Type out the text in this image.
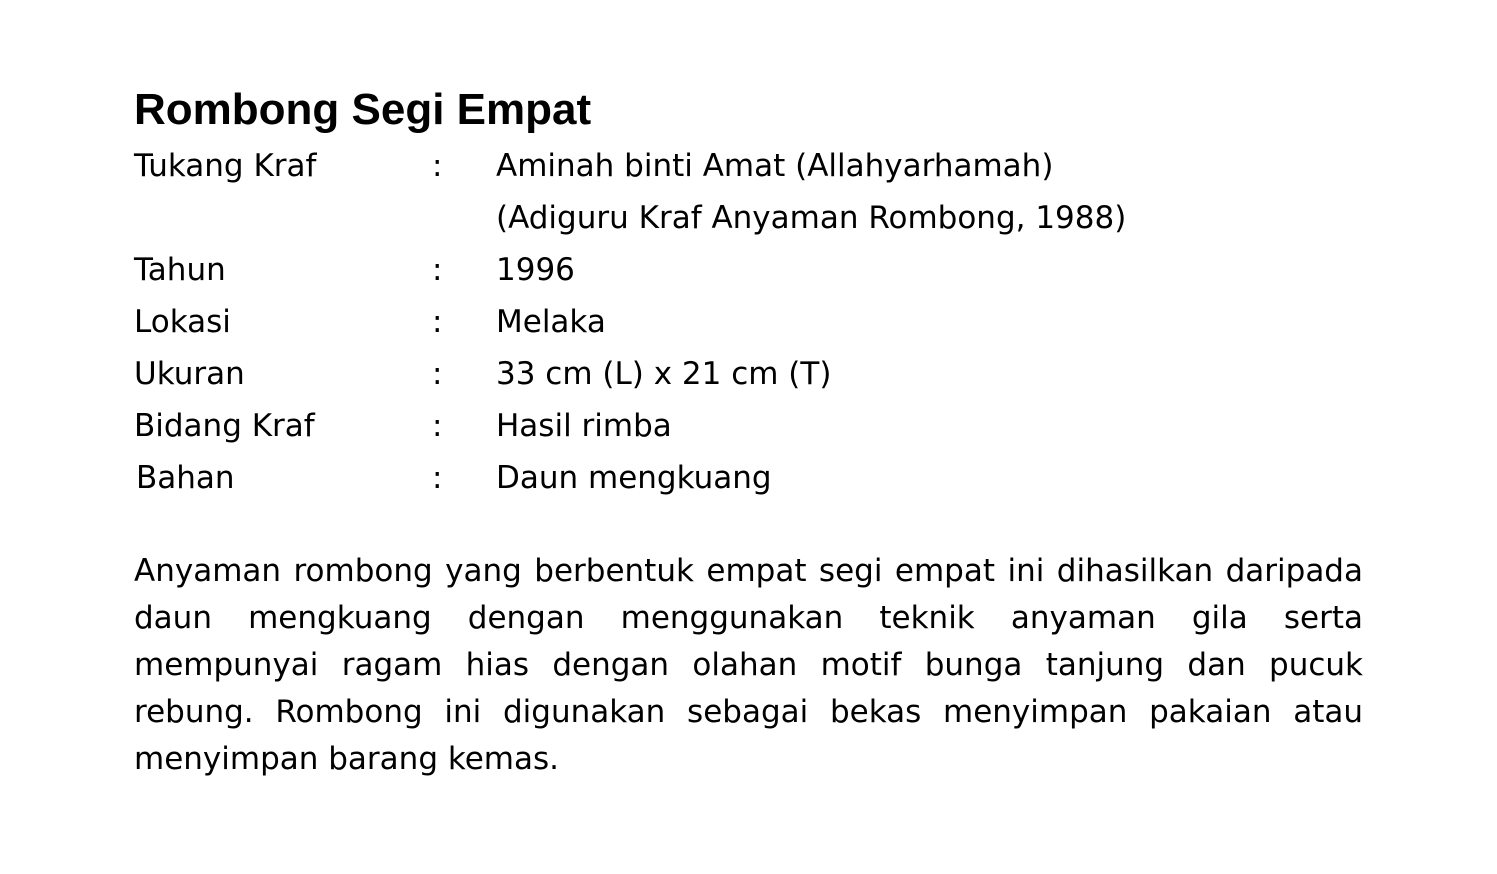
Rombong Segi Empat
Tukang Kraf	: Aminah binti Amat (Allahyarhamah)
(Adiguru Kraf Anyaman Rombong, 1988)
Tahun	: 1996
Lokasi	: Melaka
Ukuran	: 33 cm (L) x 21 cm (T)
Bidang Kraf	: Hasil rimba
Bahan	: Daun mengkuang

Anyaman rombong yang berbentuk empat segi empat ini dihasilkan daripada daun mengkuang dengan menggunakan teknik anyaman gila serta mempunyai ragam hias dengan olahan motif bunga tanjung dan pucuk rebung. Rombong ini digunakan sebagai bekas menyimpan pakaian atau menyimpan barang kemas.
